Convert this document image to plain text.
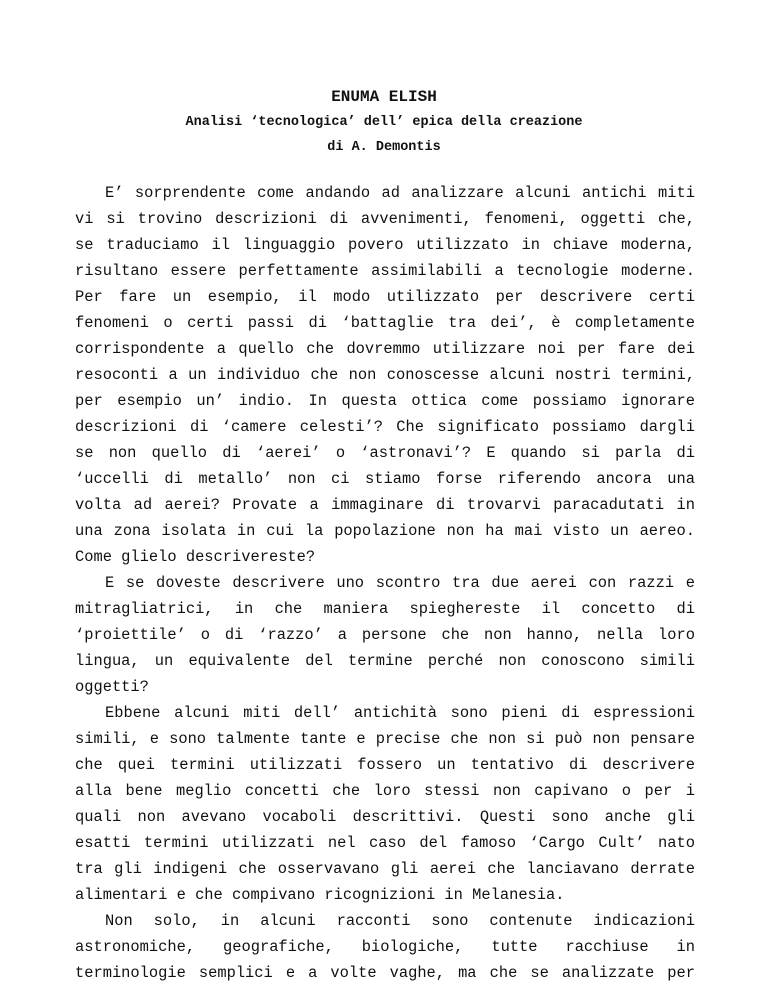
ENUMA ELISH
Analisi ‘tecnologica’ dell’ epica della creazione
di A. Demontis
E’ sorprendente come andando ad analizzare alcuni antichi miti
vi si trovino descrizioni di avvenimenti, fenomeni, oggetti che,
se traduciamo il linguaggio povero utilizzato in chiave moderna,
risultano essere perfettamente assimilabili a tecnologie moderne.
Per fare un esempio, il modo utilizzato per descrivere certi
fenomeni o certi passi di ‘battaglie tra dei’, è completamente
corrispondente a quello che dovremmo utilizzare noi per fare dei
resoconti a un individuo che non conoscesse alcuni nostri termini,
per esempio un’ indio. In questa ottica come possiamo ignorare
descrizioni di ‘camere celesti’? Che significato possiamo dargli
se non quello di ‘aerei’ o ‘astronavi’? E quando si parla di
‘uccelli di metallo’ non ci stiamo forse riferendo ancora una
volta ad aerei? Provate a immaginare di trovarvi paracadutati in
una zona isolata in cui la popolazione non ha mai visto un aereo.
Come glielo descrivereste?
E se doveste descrivere uno scontro tra due aerei con razzi e
mitragliatrici, in che maniera spieghereste il concetto di
‘proiettile’ o di ‘razzo’ a persone che non hanno, nella loro
lingua, un equivalente del termine perché non conoscono simili
oggetti?
Ebbene alcuni miti dell’ antichità sono pieni di espressioni
simili, e sono talmente tante e precise che non si può non pensare
che quei termini utilizzati fossero un tentativo di descrivere
alla bene meglio concetti che loro stessi non capivano o per i
quali non avevano vocaboli descrittivi. Questi sono anche gli
esatti termini utilizzati nel caso del famoso ‘Cargo Cult’ nato
tra gli indigeni che osservavano gli aerei che lanciavano derrate
alimentari e che compivano ricognizioni in Melanesia.
Non solo, in alcuni racconti sono contenute indicazioni
astronomiche, geografiche, biologiche, tutte racchiuse in
terminologie semplici e a volte vaghe, ma che se analizzate per
